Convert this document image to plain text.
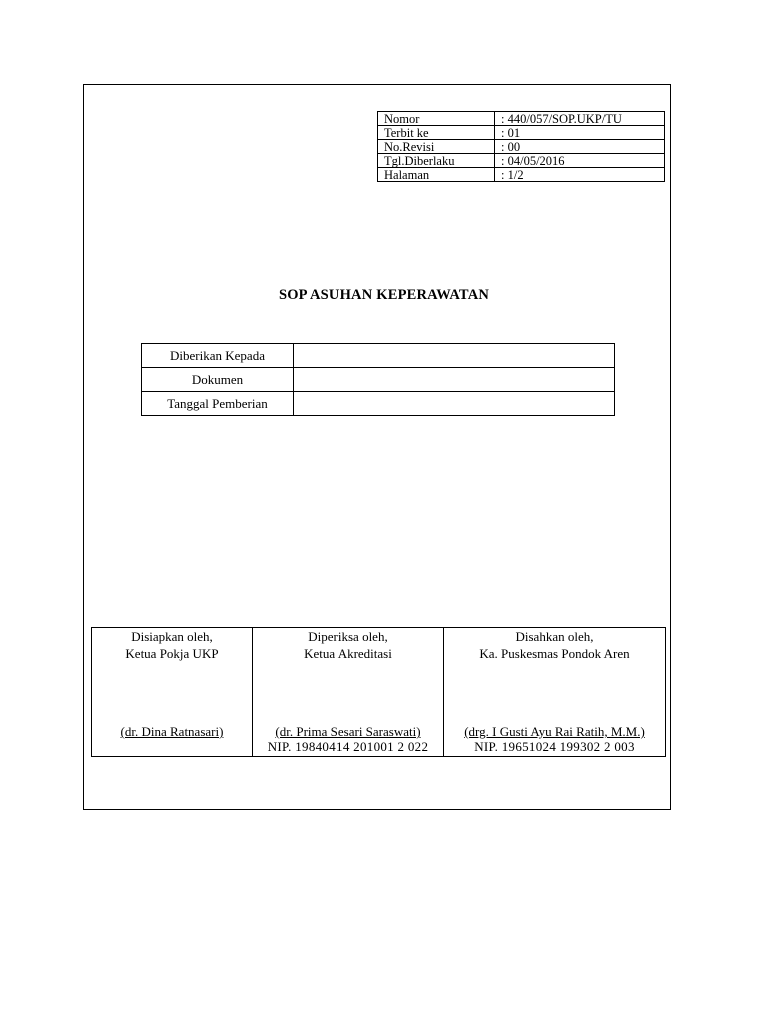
Nomor	: 440/057/SOP.UKP/TU
Terbit ke	: 01
No.Revisi	: 00
Tgl.Diberlaku	: 04/05/2016
Halaman	: 1/2
SOP ASUHAN KEPERAWATAN
Diberikan Kepada	
Dokumen	
Tanggal Pemberian	
Disiapkan oleh,
Ketua Pokja UKP
(dr. Dina Ratnasari)

Diperiksa oleh,
Ketua Akreditasi
(dr. Prima Sesari Saraswati)
NIP. 19840414 201001 2 022

Disahkan oleh,
Ka. Puskesmas Pondok Aren
(drg. I Gusti Ayu Rai Ratih, M.M.)
NIP. 19651024 199302 2 003
